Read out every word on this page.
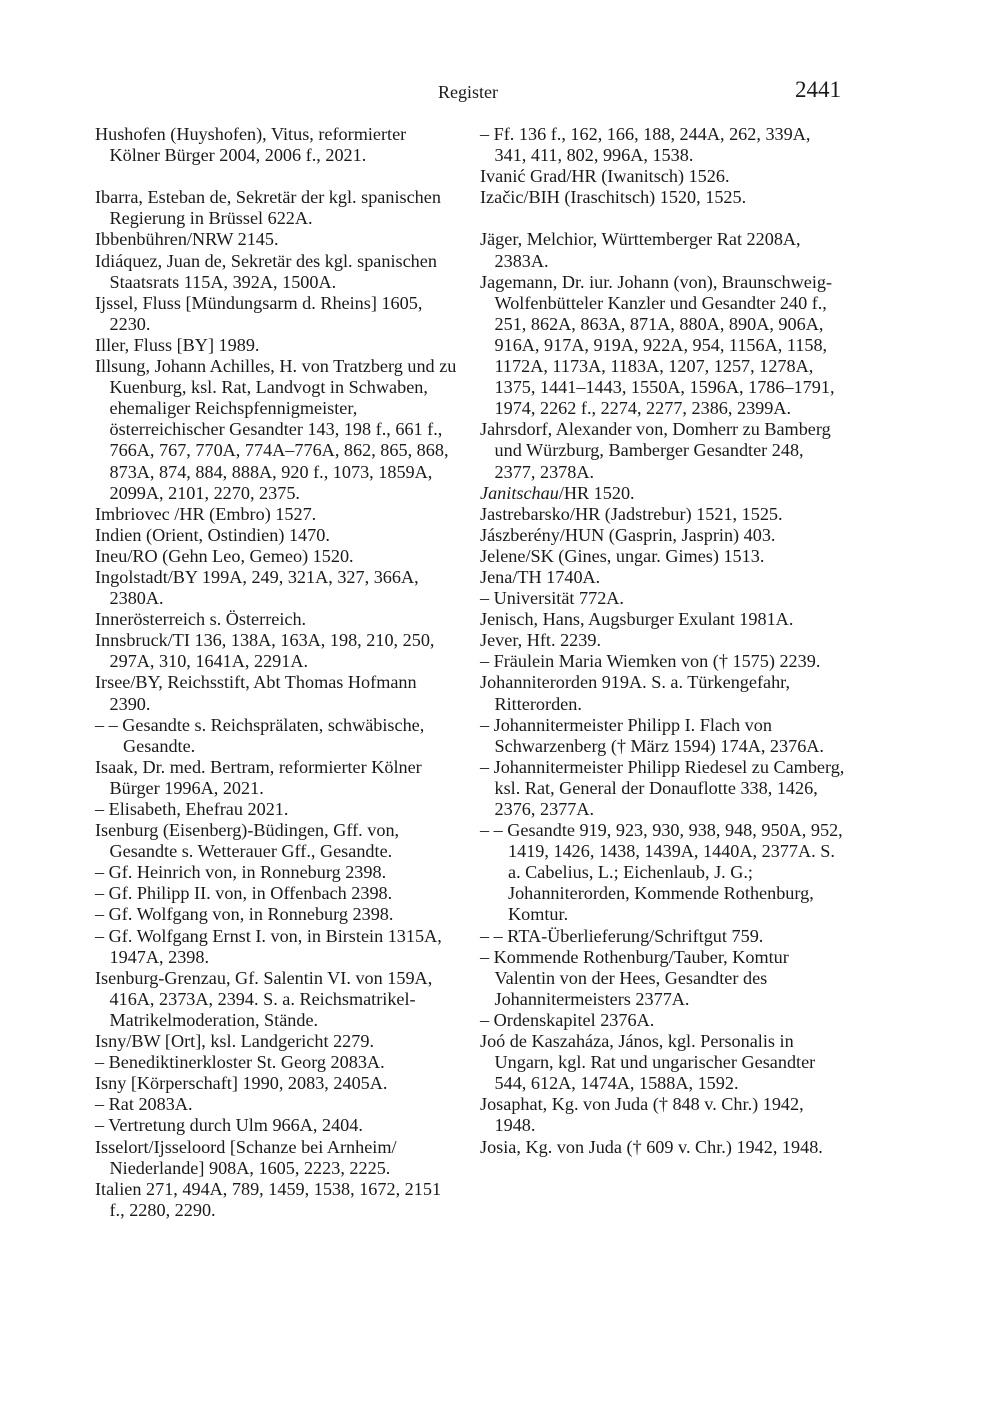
Register	2441

Hushofen (Huyshofen), Vitus, reformierter Kölner Bürger 2004, 2006 f., 2021.

Ibarra, Esteban de, Sekretär der kgl. spanischen Regierung in Brüssel 622A.

Ibbenbühren/NRW 2145.

Idiáquez, Juan de, Sekretär des kgl. spanischen Staatsrats 115A, 392A, 1500A.

Ijssel, Fluss [Mündungsarm d. Rheins] 1605, 2230.

Iller, Fluss [BY] 1989.

Illsung, Johann Achilles, H. von Tratzberg und zu Kuenburg, ksl. Rat, Landvogt in Schwaben, ehemaliger Reichspfennigmeister, österreichischer Gesandter 143, 198 f., 661 f., 766A, 767, 770A, 774A–776A, 862, 865, 868, 873A, 874, 884, 888A, 920 f., 1073, 1859A, 2099A, 2101, 2270, 2375.

Imbriovec /HR (Embro) 1527.

Indien (Orient, Ostindien) 1470.

Ineu/RO (Gehn Leo, Gemeo) 1520.

Ingolstadt/BY 199A, 249, 321A, 327, 366A, 2380A.

Innerösterreich s. Österreich.

Innsbruck/TI 136, 138A, 163A, 198, 210, 250, 297A, 310, 1641A, 2291A.

Irsee/BY, Reichsstift, Abt Thomas Hofmann 2390.

– – Gesandte s. Reichsprälaten, schwäbische, Gesandte.

Isaak, Dr. med. Bertram, reformierter Kölner Bürger 1996A, 2021.

– Elisabeth, Ehefrau 2021.

Isenburg (Eisenberg)-Büdingen, Gff. von, Gesandte s. Wetterauer Gff., Gesandte.

– Gf. Heinrich von, in Ronneburg 2398.

– Gf. Philipp II. von, in Offenbach 2398.

– Gf. Wolfgang von, in Ronneburg 2398.

– Gf. Wolfgang Ernst I. von, in Birstein 1315A, 1947A, 2398.

Isenburg-Grenzau, Gf. Salentin VI. von 159A, 416A, 2373A, 2394. S. a. Reichsmatrikel-Matrikelmoderation, Stände.

Isny/BW [Ort], ksl. Landgericht 2279.

– Benediktinerkloster St. Georg 2083A.

Isny [Körperschaft] 1990, 2083, 2405A.

– Rat 2083A.

– Vertretung durch Ulm 966A, 2404.

Isselort/Ijsseloord [Schanze bei Arnheim/ Niederlande] 908A, 1605, 2223, 2225.

Italien 271, 494A, 789, 1459, 1538, 1672, 2151 f., 2280, 2290.

– Ff. 136 f., 162, 166, 188, 244A, 262, 339A, 341, 411, 802, 996A, 1538.

Ivanić Grad/HR (Iwanitsch) 1526.

Izačic/BIH (Iraschitsch) 1520, 1525.

Jäger, Melchior, Württemberger Rat 2208A, 2383A.

Jagemann, Dr. iur. Johann (von), Braunschweig-Wolfenbütteler Kanzler und Gesandter 240 f., 251, 862A, 863A, 871A, 880A, 890A, 906A, 916A, 917A, 919A, 922A, 954, 1156A, 1158, 1172A, 1173A, 1183A, 1207, 1257, 1278A, 1375, 1441–1443, 1550A, 1596A, 1786–1791, 1974, 2262 f., 2274, 2277, 2386, 2399A.

Jahrsdorf, Alexander von, Domherr zu Bamberg und Würzburg, Bamberger Gesandter 248, 2377, 2378A.

Janitschau/HR 1520.

Jastrebarsko/HR (Jadstrebur) 1521, 1525.

Jászberény/HUN (Gasprin, Jasprin) 403.

Jelene/SK (Gines, ungar. Gimes) 1513.

Jena/TH 1740A.

– Universität 772A.

Jenisch, Hans, Augsburger Exulant 1981A.

Jever, Hft. 2239.

– Fräulein Maria Wiemken von († 1575) 2239.

Johanniterorden 919A. S. a. Türkengefahr, Ritterorden.

– Johannitermeister Philipp I. Flach von Schwarzenberg († März 1594) 174A, 2376A.

– Johannitermeister Philipp Riedesel zu Camberg, ksl. Rat, General der Donauflotte 338, 1426, 2376, 2377A.

– – Gesandte 919, 923, 930, 938, 948, 950A, 952, 1419, 1426, 1438, 1439A, 1440A, 2377A. S. a. Cabelius, L.; Eichenlaub, J. G.; Johanniterorden, Kommende Rothenburg, Komtur.

– – RTA-Überlieferung/Schriftgut 759.

– Kommende Rothenburg/Tauber, Komtur Valentin von der Hees, Gesandter des Johannitermeisters 2377A.

– Ordenskapitel 2376A.

Joó de Kaszaháza, János, kgl. Personalis in Ungarn, kgl. Rat und ungarischer Gesandter 544, 612A, 1474A, 1588A, 1592.

Josaphat, Kg. von Juda († 848 v. Chr.) 1942, 1948.

Josia, Kg. von Juda († 609 v. Chr.) 1942, 1948.
